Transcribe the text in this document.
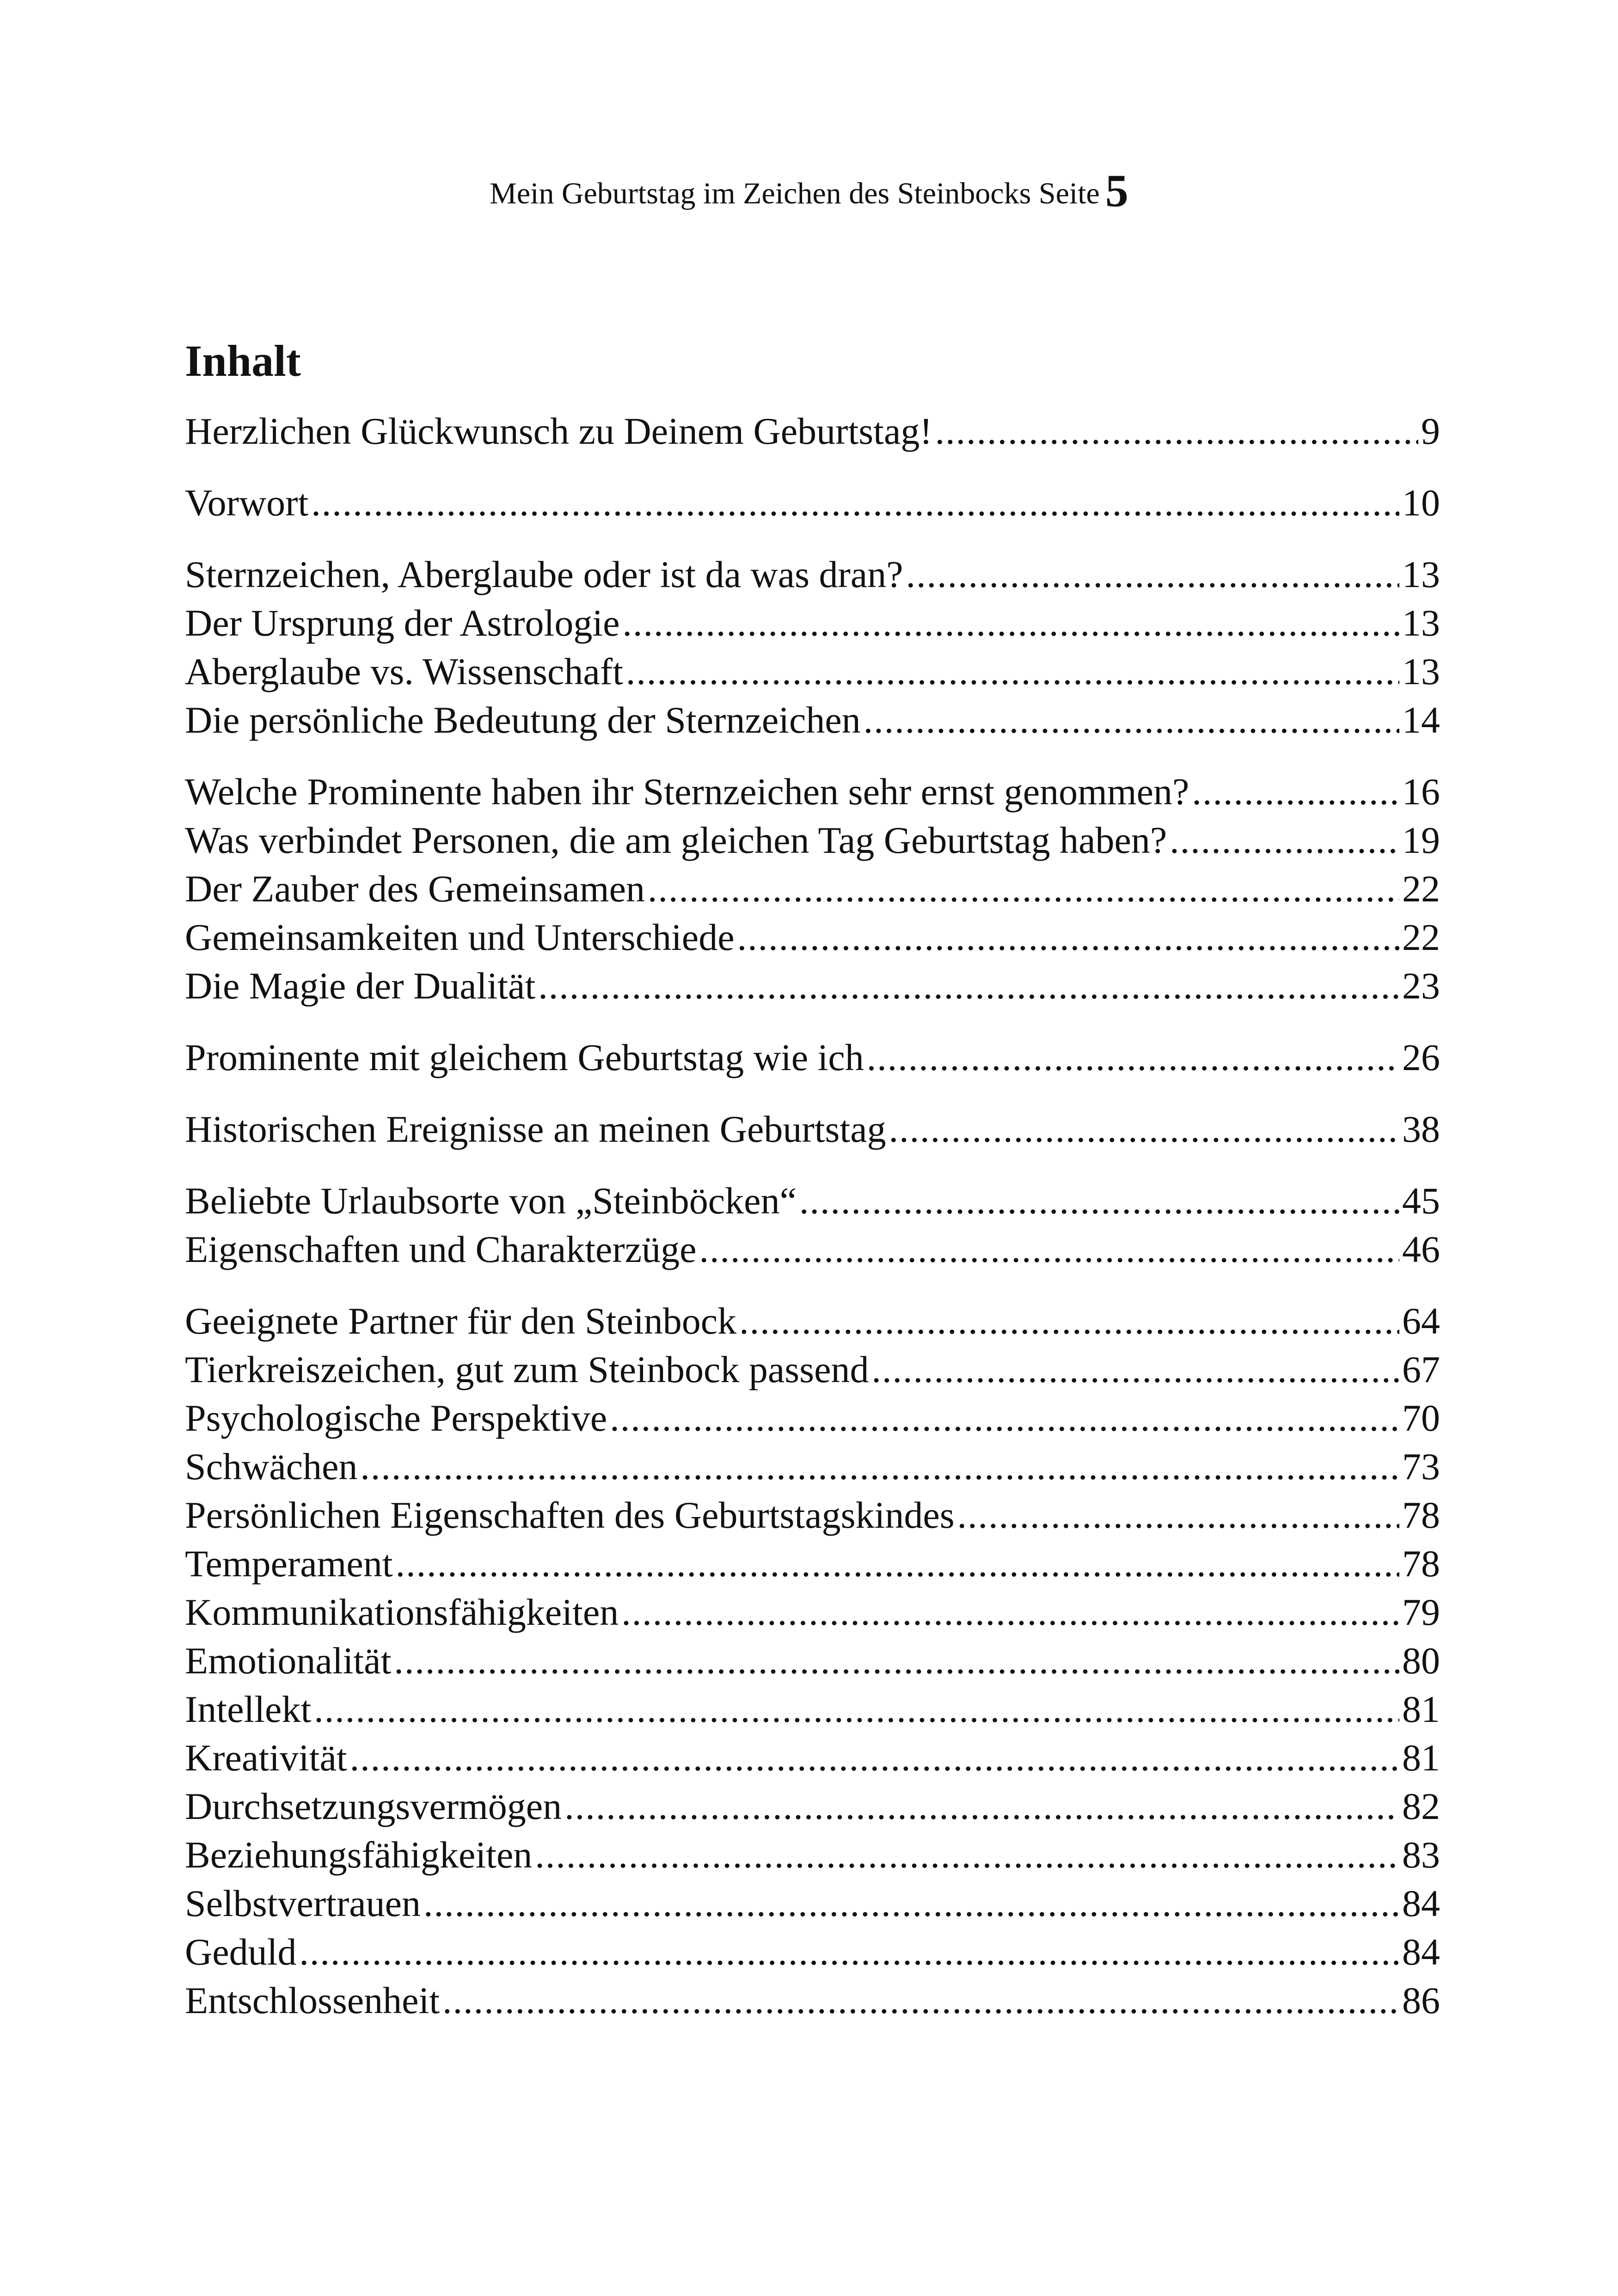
Mein Geburtstag im Zeichen des Steinbocks Seite 5
Inhalt
Herzlichen Glückwunsch zu Deinem Geburtstag! .....	9
Vorwort .....	10
Sternzeichen, Aberglaube oder ist da was dran? .....	13
Der Ursprung der Astrologie .....	13
Aberglaube vs. Wissenschaft .....	13
Die persönliche Bedeutung der Sternzeichen .....	14
Welche Prominente haben ihr Sternzeichen sehr ernst genommen? .....	16
Was verbindet Personen, die am gleichen Tag Geburtstag haben? .....	19
Der Zauber des Gemeinsamen .....	22
Gemeinsamkeiten und Unterschiede .....	22
Die Magie der Dualität .....	23
Prominente mit gleichem Geburtstag wie ich .....	26
Historischen Ereignisse an meinen Geburtstag .....	38
Beliebte Urlaubsorte von „Steinböcken“ .....	45
Eigenschaften und Charakterzüge .....	46
Geeignete Partner für den Steinbock .....	64
Tierkreiszeichen, gut zum Steinbock passend .....	67
Psychologische Perspektive .....	70
Schwächen .....	73
Persönlichen Eigenschaften des Geburtstagskindes .....	78
Temperament .....	78
Kommunikationsfähigkeiten .....	79
Emotionalität .....	80
Intellekt .....	81
Kreativität .....	81
Durchsetzungsvermögen .....	82
Beziehungsfähigkeiten .....	83
Selbstvertrauen .....	84
Geduld .....	84
Entschlossenheit .....	86
